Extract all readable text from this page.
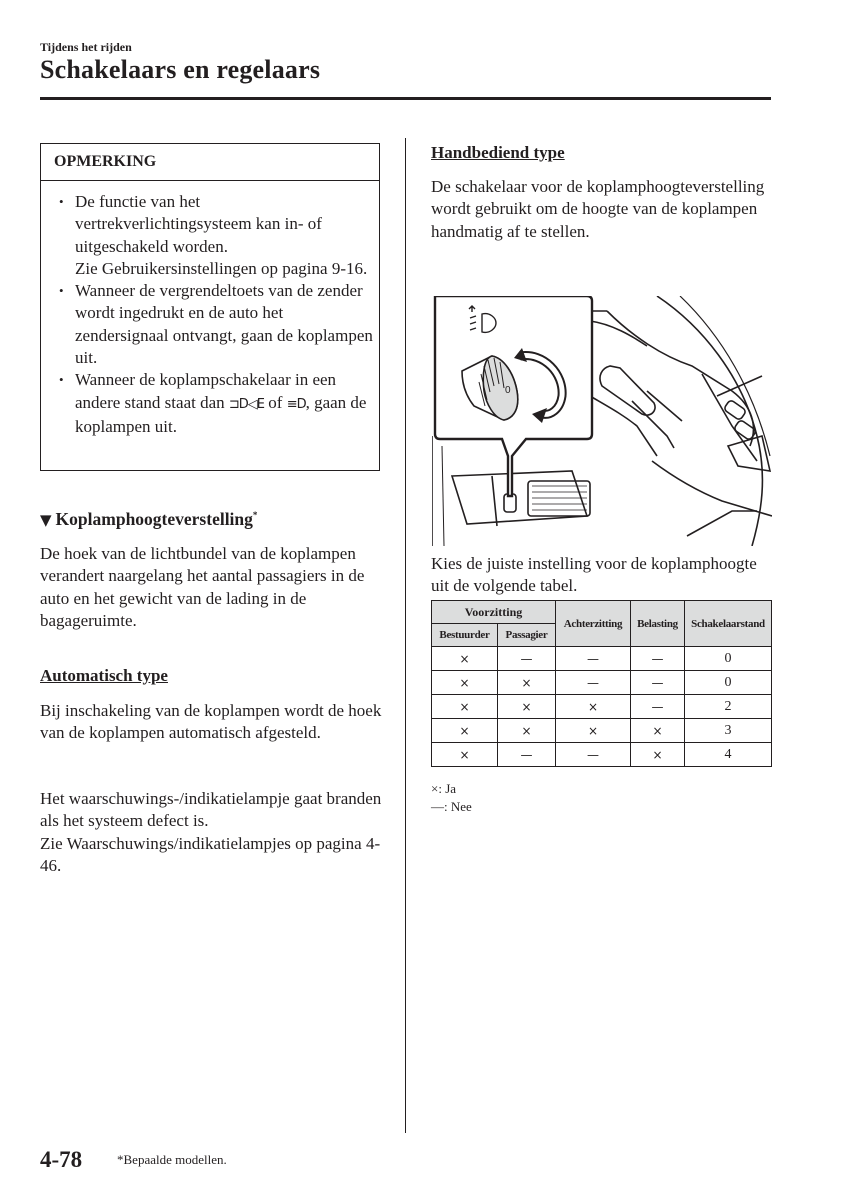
Tijdens het rijden
Schakelaars en regelaars
OPMERKING
• De functie van het vertrekverlichtingsysteem kan in- of uitgeschakeld worden.
Zie Gebruikersinstellingen op pagina 9-16.
• Wanneer de vergrendeltoets van de zender wordt ingedrukt en de auto het zendersignaal ontvangt, gaan de koplampen uit.
• Wanneer de koplampschakelaar in een andere stand staat dan ⊐D◁E of ≡D, gaan de koplampen uit.
▼ Koplamphoogteverstelling*
De hoek van de lichtbundel van de koplampen verandert naargelang het aantal passagiers in de auto en het gewicht van de lading in de bagageruimte.
Automatisch type
Bij inschakeling van de koplampen wordt de hoek van de koplampen automatisch afgesteld.
Het waarschuwings-/indikatielampje gaat branden als het systeem defect is.
Zie Waarschuwings/indikatielampjes op pagina 4-46.
Handbediend type
De schakelaar voor de koplamphoogteverstelling wordt gebruikt om de hoogte van de koplampen handmatig af te stellen.
0
Kies de juiste instelling voor de koplamphoogte uit de volgende tabel.
Voorzitting		Achterzitting	Belasting	Schakelaarstand
Bestuurder	Passagier			
×	—	—	—	0
×	×	—	—	0
×	×	×	—	2
×	×	×	×	3
×	—	—	×	4
×: Ja
—: Nee
4-78	*Bepaalde modellen.
